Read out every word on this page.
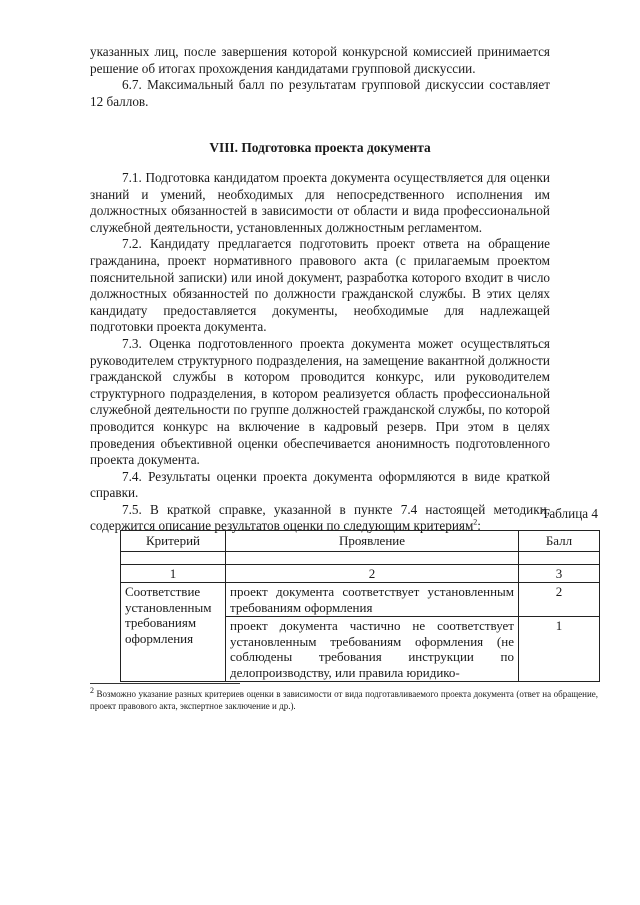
указанных лиц, после завершения которой конкурсной комиссией принимается решение об итогах прохождения кандидатами групповой дискуссии.

6.7. Максимальный балл по результатам групповой дискуссии составляет 12 баллов.

VIII. Подготовка проекта документа

7.1. Подготовка кандидатом проекта документа осуществляется для оценки знаний и умений, необходимых для непосредственного исполнения им должностных обязанностей в зависимости от области и вида профессиональной служебной деятельности, установленных должностным регламентом.

7.2. Кандидату предлагается подготовить проект ответа на обращение гражданина, проект нормативного правового акта (с прилагаемым проектом пояснительной записки) или иной документ, разработка которого входит в число должностных обязанностей по должности гражданской службы. В этих целях кандидату предоставляется документы, необходимые для надлежащей подготовки проекта документа.

7.3. Оценка подготовленного проекта документа может осуществляться руководителем структурного подразделения, на замещение вакантной должности гражданской службы в котором проводится конкурс, или руководителем структурного подразделения, в котором реализуется область профессиональной служебной деятельности по группе должностей гражданской службы, по которой проводится конкурс на включение в кадровый резерв. При этом в целях проведения объективной оценки обеспечивается анонимность подготовленного проекта документа.

7.4. Результаты оценки проекта документа оформляются в виде краткой справки.

7.5. В краткой справке, указанной в пункте 7.4 настоящей методики, содержится описание результатов оценки по следующим критериям$^2$:

Таблица 4
Критерий	Проявление	Балл

1	2	3
Соответствие установленным требованиям оформления	проект документа соответствует установленным требованиям оформления	2
	проект документа частично не соответствует установленным требованиям оформления (не соблюдены требования инструкции по делопроизводству, или правила юридико-	1
$^2$ Возможно указание разных критериев оценки в зависимости от вида подготавливаемого проекта документа (ответ на обращение, проект правового акта, экспертное заключение и др.).
